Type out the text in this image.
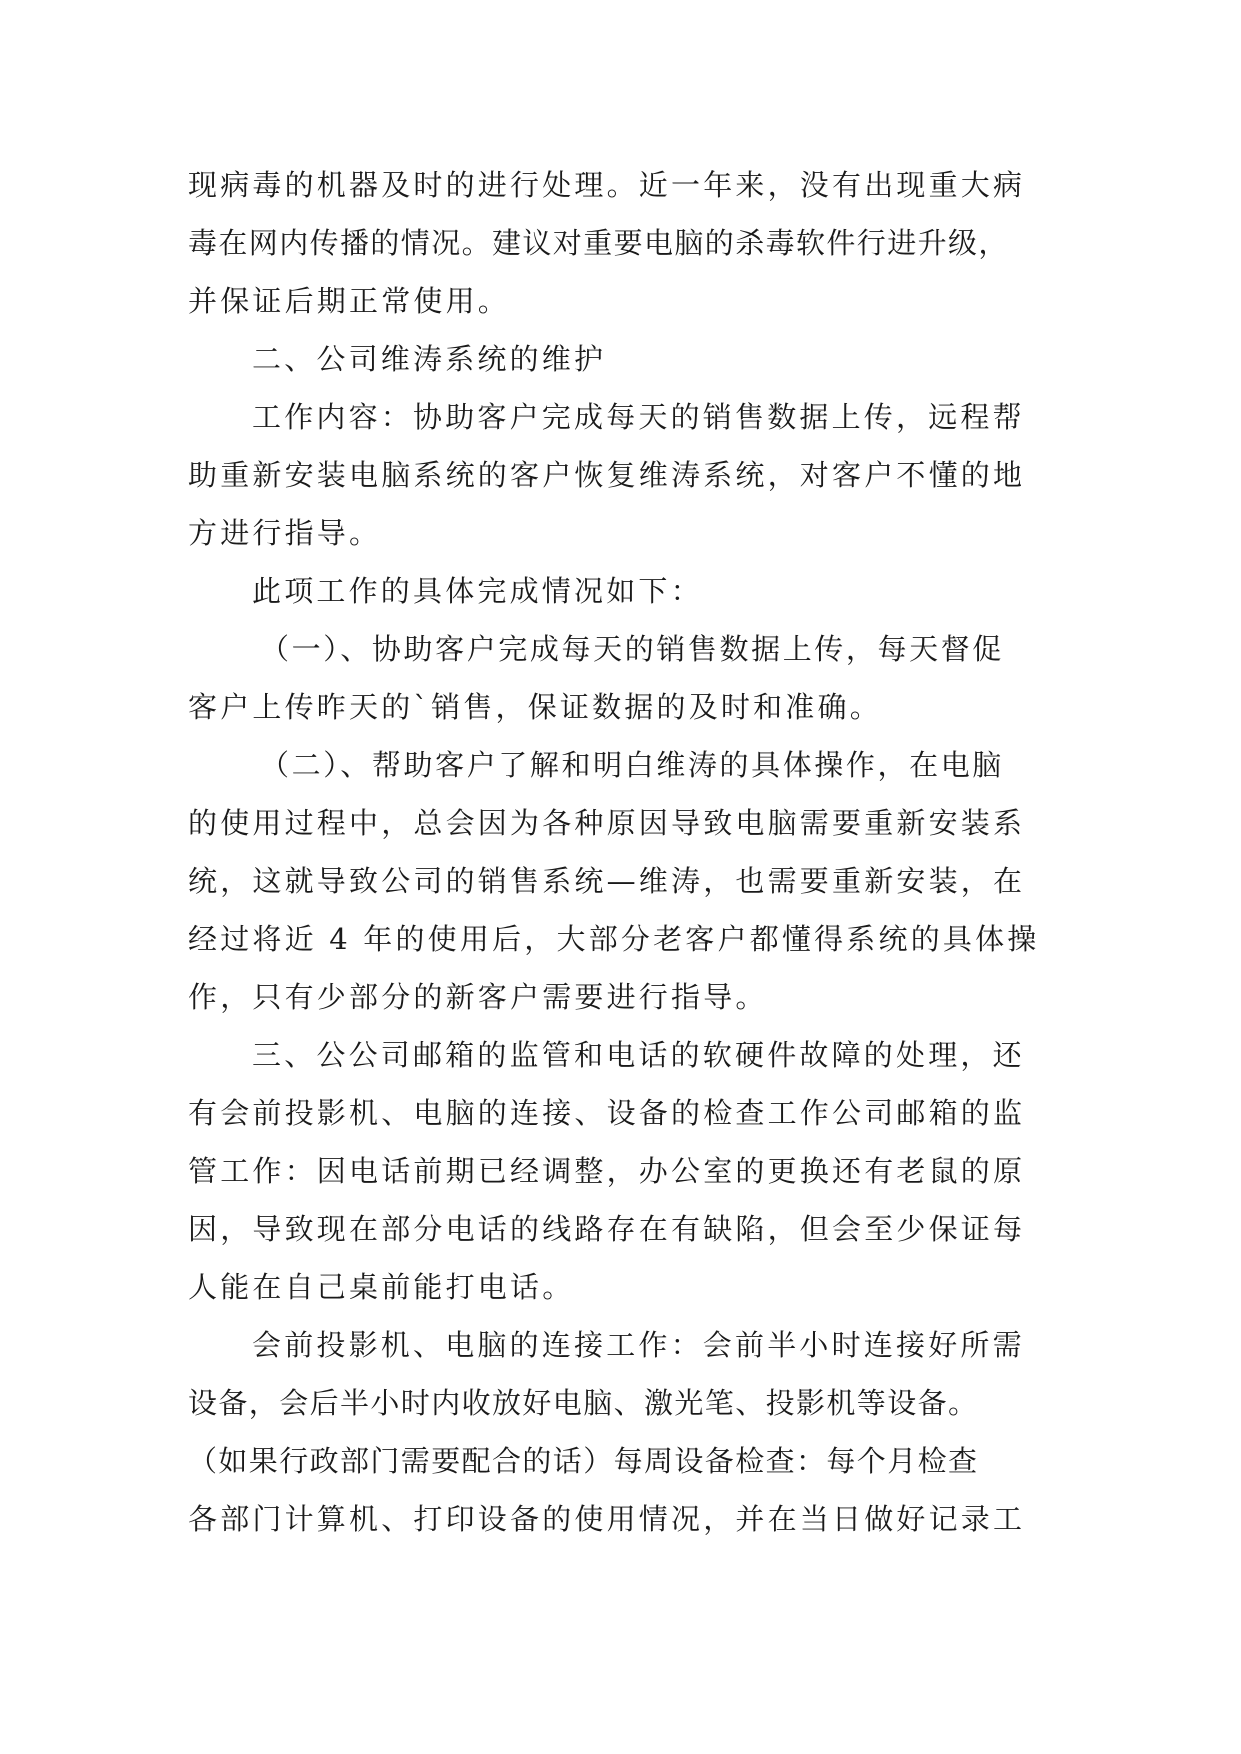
现病毒的机器及时的进行处理。近一年来，没有出现重大病
毒在网内传播的情况。建议对重要电脑的杀毒软件行进升级，
并保证后期正常使用。
二、公司维涛系统的维护
工作内容：协助客户完成每天的销售数据上传，远程帮
助重新安装电脑系统的客户恢复维涛系统，对客户不懂的地
方进行指导。
此项工作的具体完成情况如下：
（一）、协助客户完成每天的销售数据上传，每天督促
客户上传昨天的`销售，保证数据的及时和准确。
（二）、帮助客户了解和明白维涛的具体操作，在电脑
的使用过程中，总会因为各种原因导致电脑需要重新安装系
统，这就导致公司的销售系统—维涛，也需要重新安装，在
经过将近 4 年的使用后，大部分老客户都懂得系统的具体操
作，只有少部分的新客户需要进行指导。
三、公公司邮箱的监管和电话的软硬件故障的处理，还
有会前投影机、电脑的连接、设备的检查工作公司邮箱的监
管工作：因电话前期已经调整，办公室的更换还有老鼠的原
因，导致现在部分电话的线路存在有缺陷，但会至少保证每
人能在自己桌前能打电话。
会前投影机、电脑的连接工作：会前半小时连接好所需
设备，会后半小时内收放好电脑、激光笔、投影机等设备。
（如果行政部门需要配合的话）每周设备检查：每个月检查
各部门计算机、打印设备的使用情况，并在当日做好记录工
